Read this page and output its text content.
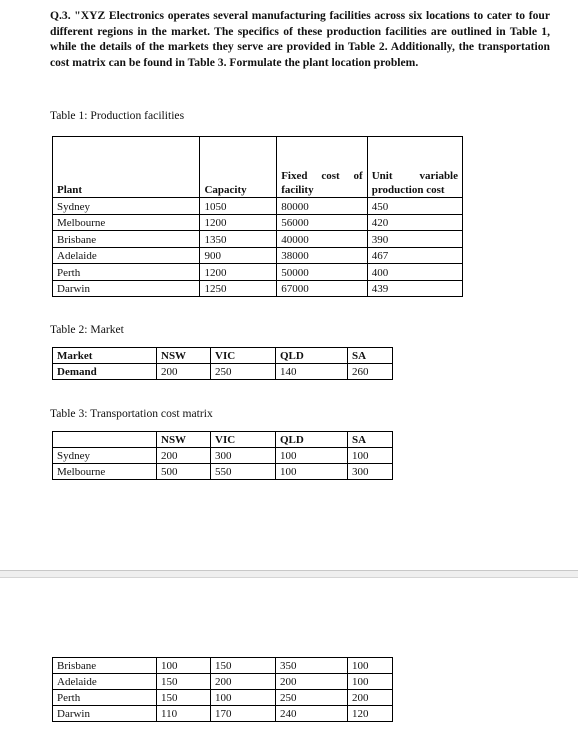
Q.3. "XYZ Electronics operates several manufacturing facilities across six locations to cater to four different regions in the market. The specifics of these production facilities are outlined in Table 1, while the details of the markets they serve are provided in Table 2. Additionally, the transportation cost matrix can be found in Table 3. Formulate the plant location problem.
Table 1: Production facilities
Plant	Capacity	Fixed cost of facility	Unit variable production cost
Sydney	1050	80000	450
Melbourne	1200	56000	420
Brisbane	1350	40000	390
Adelaide	900	38000	467
Perth	1200	50000	400
Darwin	1250	67000	439
Table 2: Market
Market	NSW	VIC	QLD	SA
Demand	200	250	140	260
Table 3: Transportation cost matrix
	NSW	VIC	QLD	SA
Sydney	200	300	100	100
Melbourne	500	550	100	300
Brisbane	100	150	350	100
Adelaide	150	200	200	100
Perth	150	100	250	200
Darwin	110	170	240	120
